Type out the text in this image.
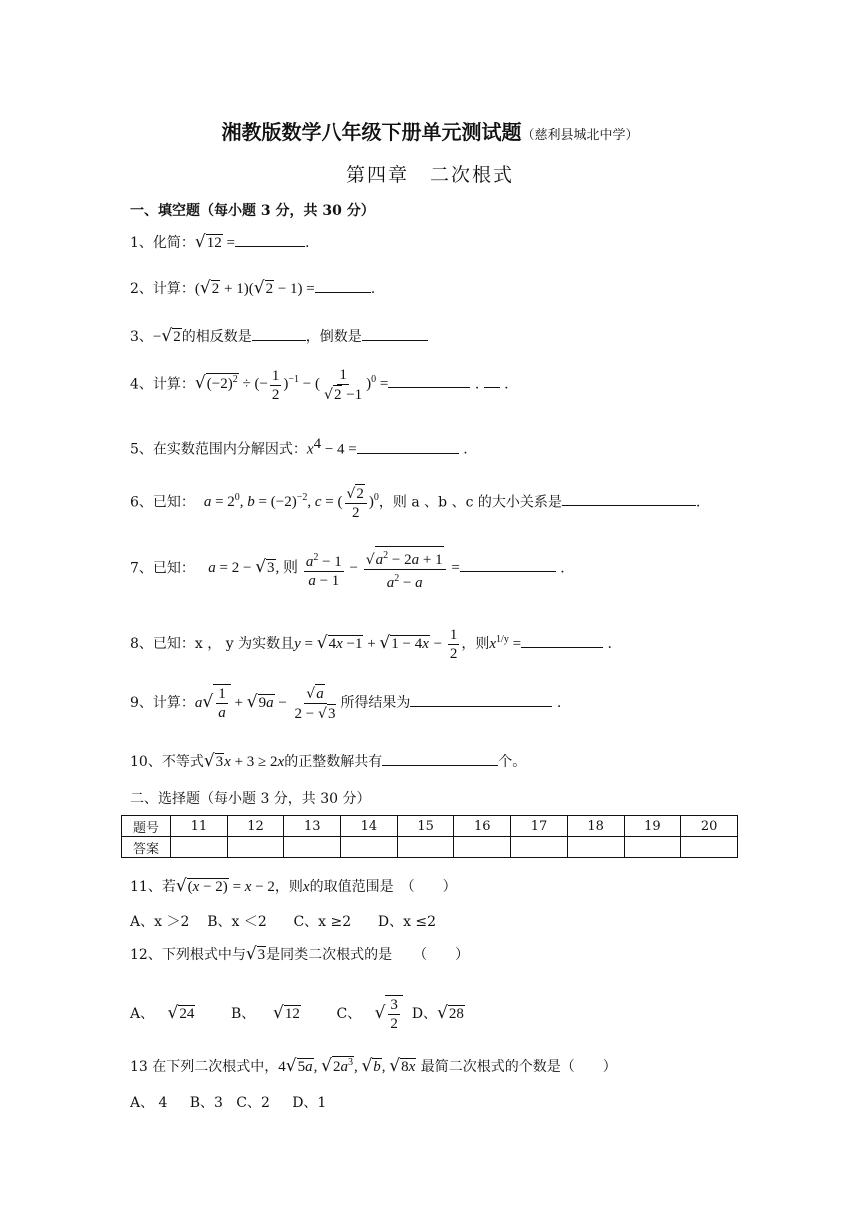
湘教版数学八年级下册单元测试题（慈利县城北中学）
第四章　二次根式
一、填空题（每小题 3 分，共 30 分）
1、化简：√12 =	.
2、计算：(√2 + 1)(√2 − 1) =	.
3、−√2的相反数是	，倒数是
4、计算：$√(-2)^2$ ÷ (− $\frac{1}{2} )^{-1}$ − ( $\frac{1}{√2 -1} )^0$ =	.  .
5、在实数范围内分解因式：$x^4 - 4$ =	.
6、已知： $a = 2^0$, $b = (-2)^{-2}$, c = ( $\frac{√2}{2} )^0$，则 a 、b 、c 的大小关系是	.
7、已知： a = 2 − √3, 则 $\frac{a^2 - 1}{a - 1} - \frac{√a^2 - 2a + 1}{a^2 - a}$ =	.
8、已知：x ， y 为实数且$y = √4x -1 + √1 - 4x - \frac{1}{2}$ ，则$x^{1/y}$ =	.
9、计算：$a√ \frac{1}{a} + √9a - \frac{√a}{2 - √3}$ 所得结果为	.
10、不等式√3x + 3 ≥ 2x的正整数解共有	个。
二、选择题（每小题 3 分，共 30 分）
题号	11	12	13	14	15	16	17	18	19	20
答案										
11、若√(x − 2) = x − 2，则x的取值范围是　（　　）
A、x ＞2 B、x ＜2 C、x ≥2 D、x ≤2
12、下列根式中与√3是同类二次根式的是　　（　　）
A、 √24	B、 √12	C、 √ $\frac{3}{2}$ D、√28
13 在下列二次根式中，4√5a, $√2a^3$, √b, √8x 最简二次根式的个数是（　　）
A、 4 B、3 C、2 D、1
